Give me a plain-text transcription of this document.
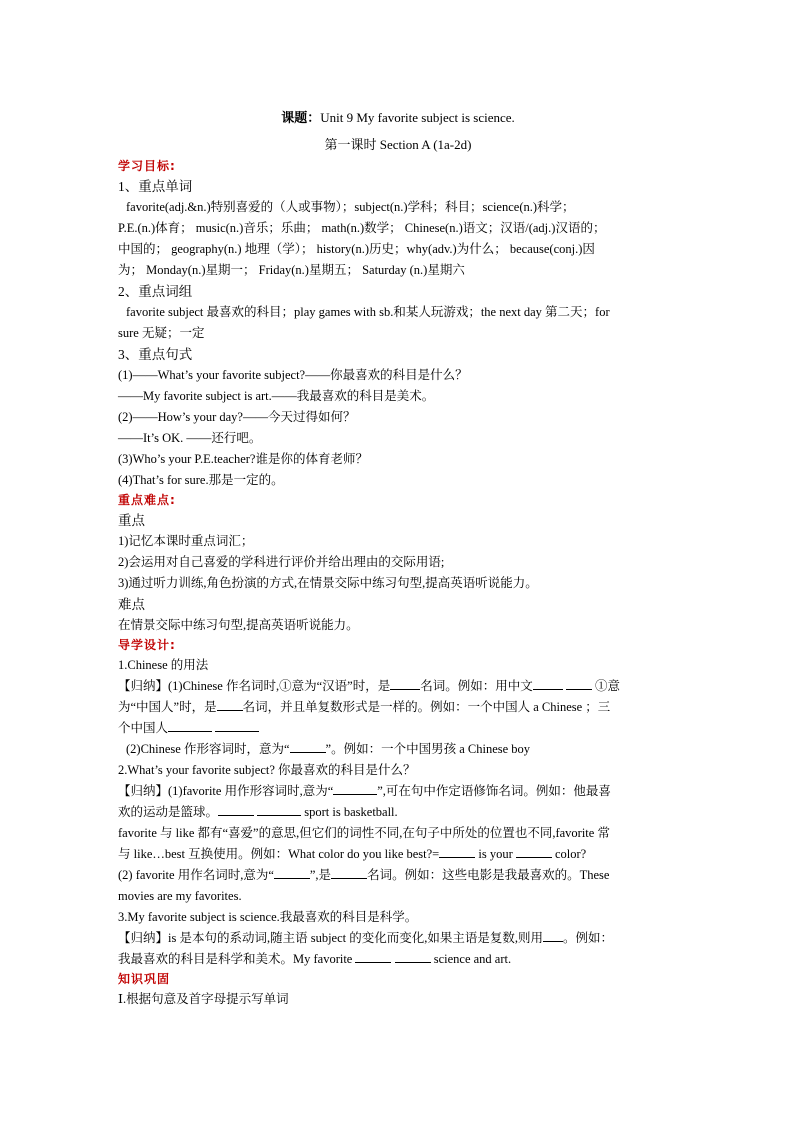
课题：Unit 9 My favorite subject is science.
第一课时 Section A (1a-2d)
学习目标:
1、重点单词
favorite(adj.&n.)特别喜爱的（人或事物）；subject(n.)学科；科目；science(n.)科学；
P.E.(n.)体育； music(n.)音乐；乐曲； math(n.)数学； Chinese(n.)语文；汉语/(adj.)汉语的；
中国的； geography(n.) 地理（学）； history(n.)历史；why(adv.)为什么； because(conj.)因
为； Monday(n.)星期一； Friday(n.)星期五； Saturday (n.)星期六
2、重点词组
favorite subject 最喜欢的科目；play games with sb.和某人玩游戏；the next day 第二天；for
sure 无疑；一定
3、重点句式
(1)——What’s your favorite subject?——你最喜欢的科目是什么？
——My favorite subject is art.——我最喜欢的科目是美术。
(2)——How’s your day?——今天过得如何？
——It’s OK. ——还行吧。
(3)Who’s your P.E.teacher?谁是你的体育老师？
(4)That’s for sure.那是一定的。
重点难点:
重点
1)记忆本课时重点词汇；
2)会运用对自己喜爱的学科进行评价并给出理由的交际用语;
3)通过听力训练,角色扮演的方式,在情景交际中练习句型,提高英语听说能力。
难点
在情景交际中练习句型,提高英语听说能力。
导学设计:
1.Chinese 的用法
【归纳】(1)Chinese 作名词时,①意为“汉语”时，是 名词。例如：用中文	①意
为“中国人”时，是 名词，并且单复数形式是一样的。例如：一个中国人 a Chinese ；三
个中国人
(2)Chinese 作形容词时，意为“	”。例如：一个中国男孩 a Chinese boy
2.What’s your favorite subject? 你最喜欢的科目是什么？
【归纳】(1)favorite 用作形容词时,意为“	”,可在句中作定语修饰名词。例如：他最喜
欢的运动是篮球。	sport is basketball.
favorite 与 like 都有“喜爱”的意思,但它们的词性不同,在句子中所处的位置也不同,favorite 常
与 like…best 互换使用。例如：What color do you like best?=	is your	color?
(2) favorite 用作名词时,意为“	”,是	名词。例如：这些电影是我最喜欢的。These
movies are my favorites.
3.My favorite subject is science.我最喜欢的科目是科学。
【归纳】is 是本句的系动词,随主语 subject 的变化而变化,如果主语是复数,则用 。例如：
我最喜欢的科目是科学和美术。My favorite	science and art.
知识巩固
Ⅰ.根据句意及首字母提示写单词
